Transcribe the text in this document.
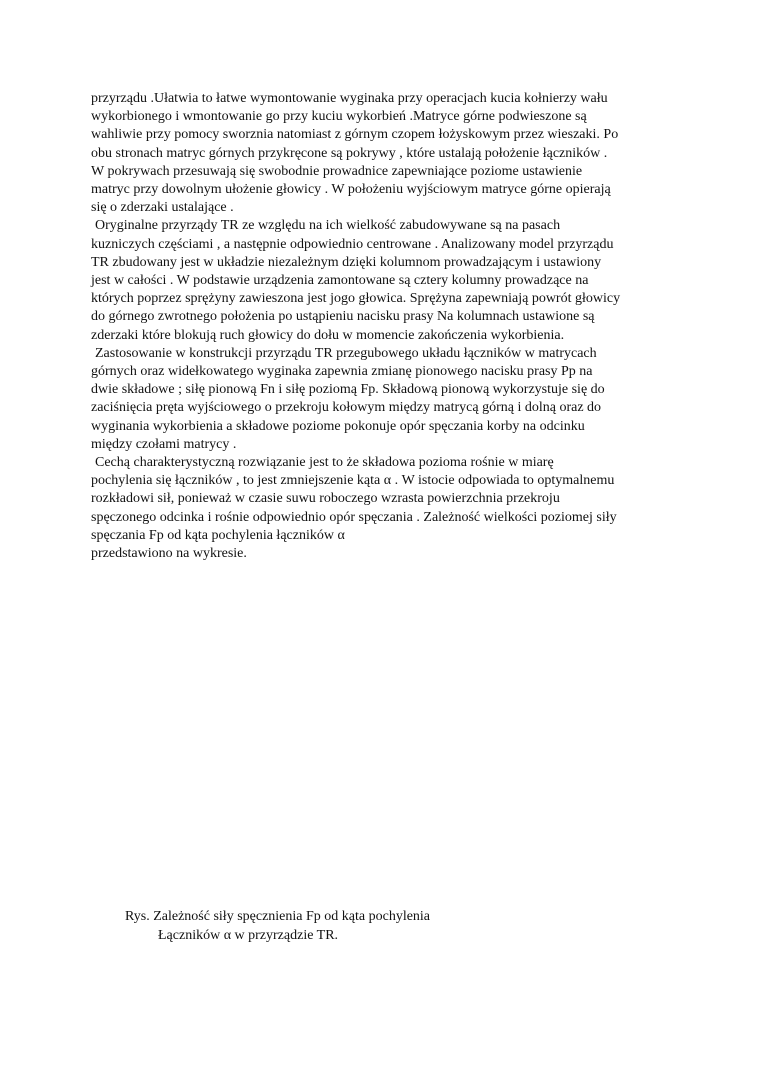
przyrządu .Ułatwia to łatwe wymontowanie wyginaka przy operacjach kucia kołnierzy wału
wykorbionego i wmontowanie go przy kuciu wykorbień .Matryce górne podwieszone są
wahliwie przy pomocy sworznia natomiast z górnym czopem łożyskowym przez wieszaki. Po
obu stronach matryc górnych przykręcone są pokrywy , które ustalają położenie łączników .
W pokrywach przesuwają się swobodnie prowadnice zapewniające poziome ustawienie
matryc przy dowolnym ułożenie głowicy . W położeniu wyjściowym matryce górne opierają
się o zderzaki ustalające .
Oryginalne przyrządy TR ze względu na ich wielkość zabudowywane są na pasach
kuzniczych częściami , a następnie odpowiednio centrowane . Analizowany model przyrządu
TR zbudowany jest w układzie niezależnym dzięki kolumnom prowadzającym i ustawiony
jest w całości . W podstawie urządzenia zamontowane są cztery kolumny prowadzące na
których poprzez sprężyny zawieszona jest jogo głowica. Sprężyna zapewniają powrót głowicy
do górnego zwrotnego położenia po ustąpieniu nacisku prasy Na kolumnach ustawione są
zderzaki które blokują ruch głowicy do dołu w momencie zakończenia wykorbienia.
Zastosowanie w konstrukcji przyrządu TR przegubowego układu łączników w matrycach
górnych oraz widełkowatego wyginaka zapewnia zmianę pionowego nacisku prasy Pp na
dwie składowe ; siłę pionową Fn i siłę poziomą Fp. Składową pionową wykorzystuje się do
zaciśnięcia pręta wyjściowego o przekroju kołowym między matrycą górną i dolną oraz do
wyginania wykorbienia a składowe poziome pokonuje opór spęczania korby na odcinku
między czołami matrycy .
Cechą charakterystyczną rozwiązanie jest to że składowa pozioma rośnie w miarę
pochylenia się łączników , to jest zmniejszenie kąta α . W istocie odpowiada to optymalnemu
rozkładowi sił, ponieważ w czasie suwu roboczego wzrasta powierzchnia przekroju
spęczonego odcinka i rośnie odpowiednio opór spęczania . Zależność wielkości poziomej siły
spęczania Fp od kąta pochylenia łączników α
przedstawiono na wykresie.
Rys. Zależność siły spęcznienia Fp od kąta pochylenia
Łączników α w przyrządzie TR.
